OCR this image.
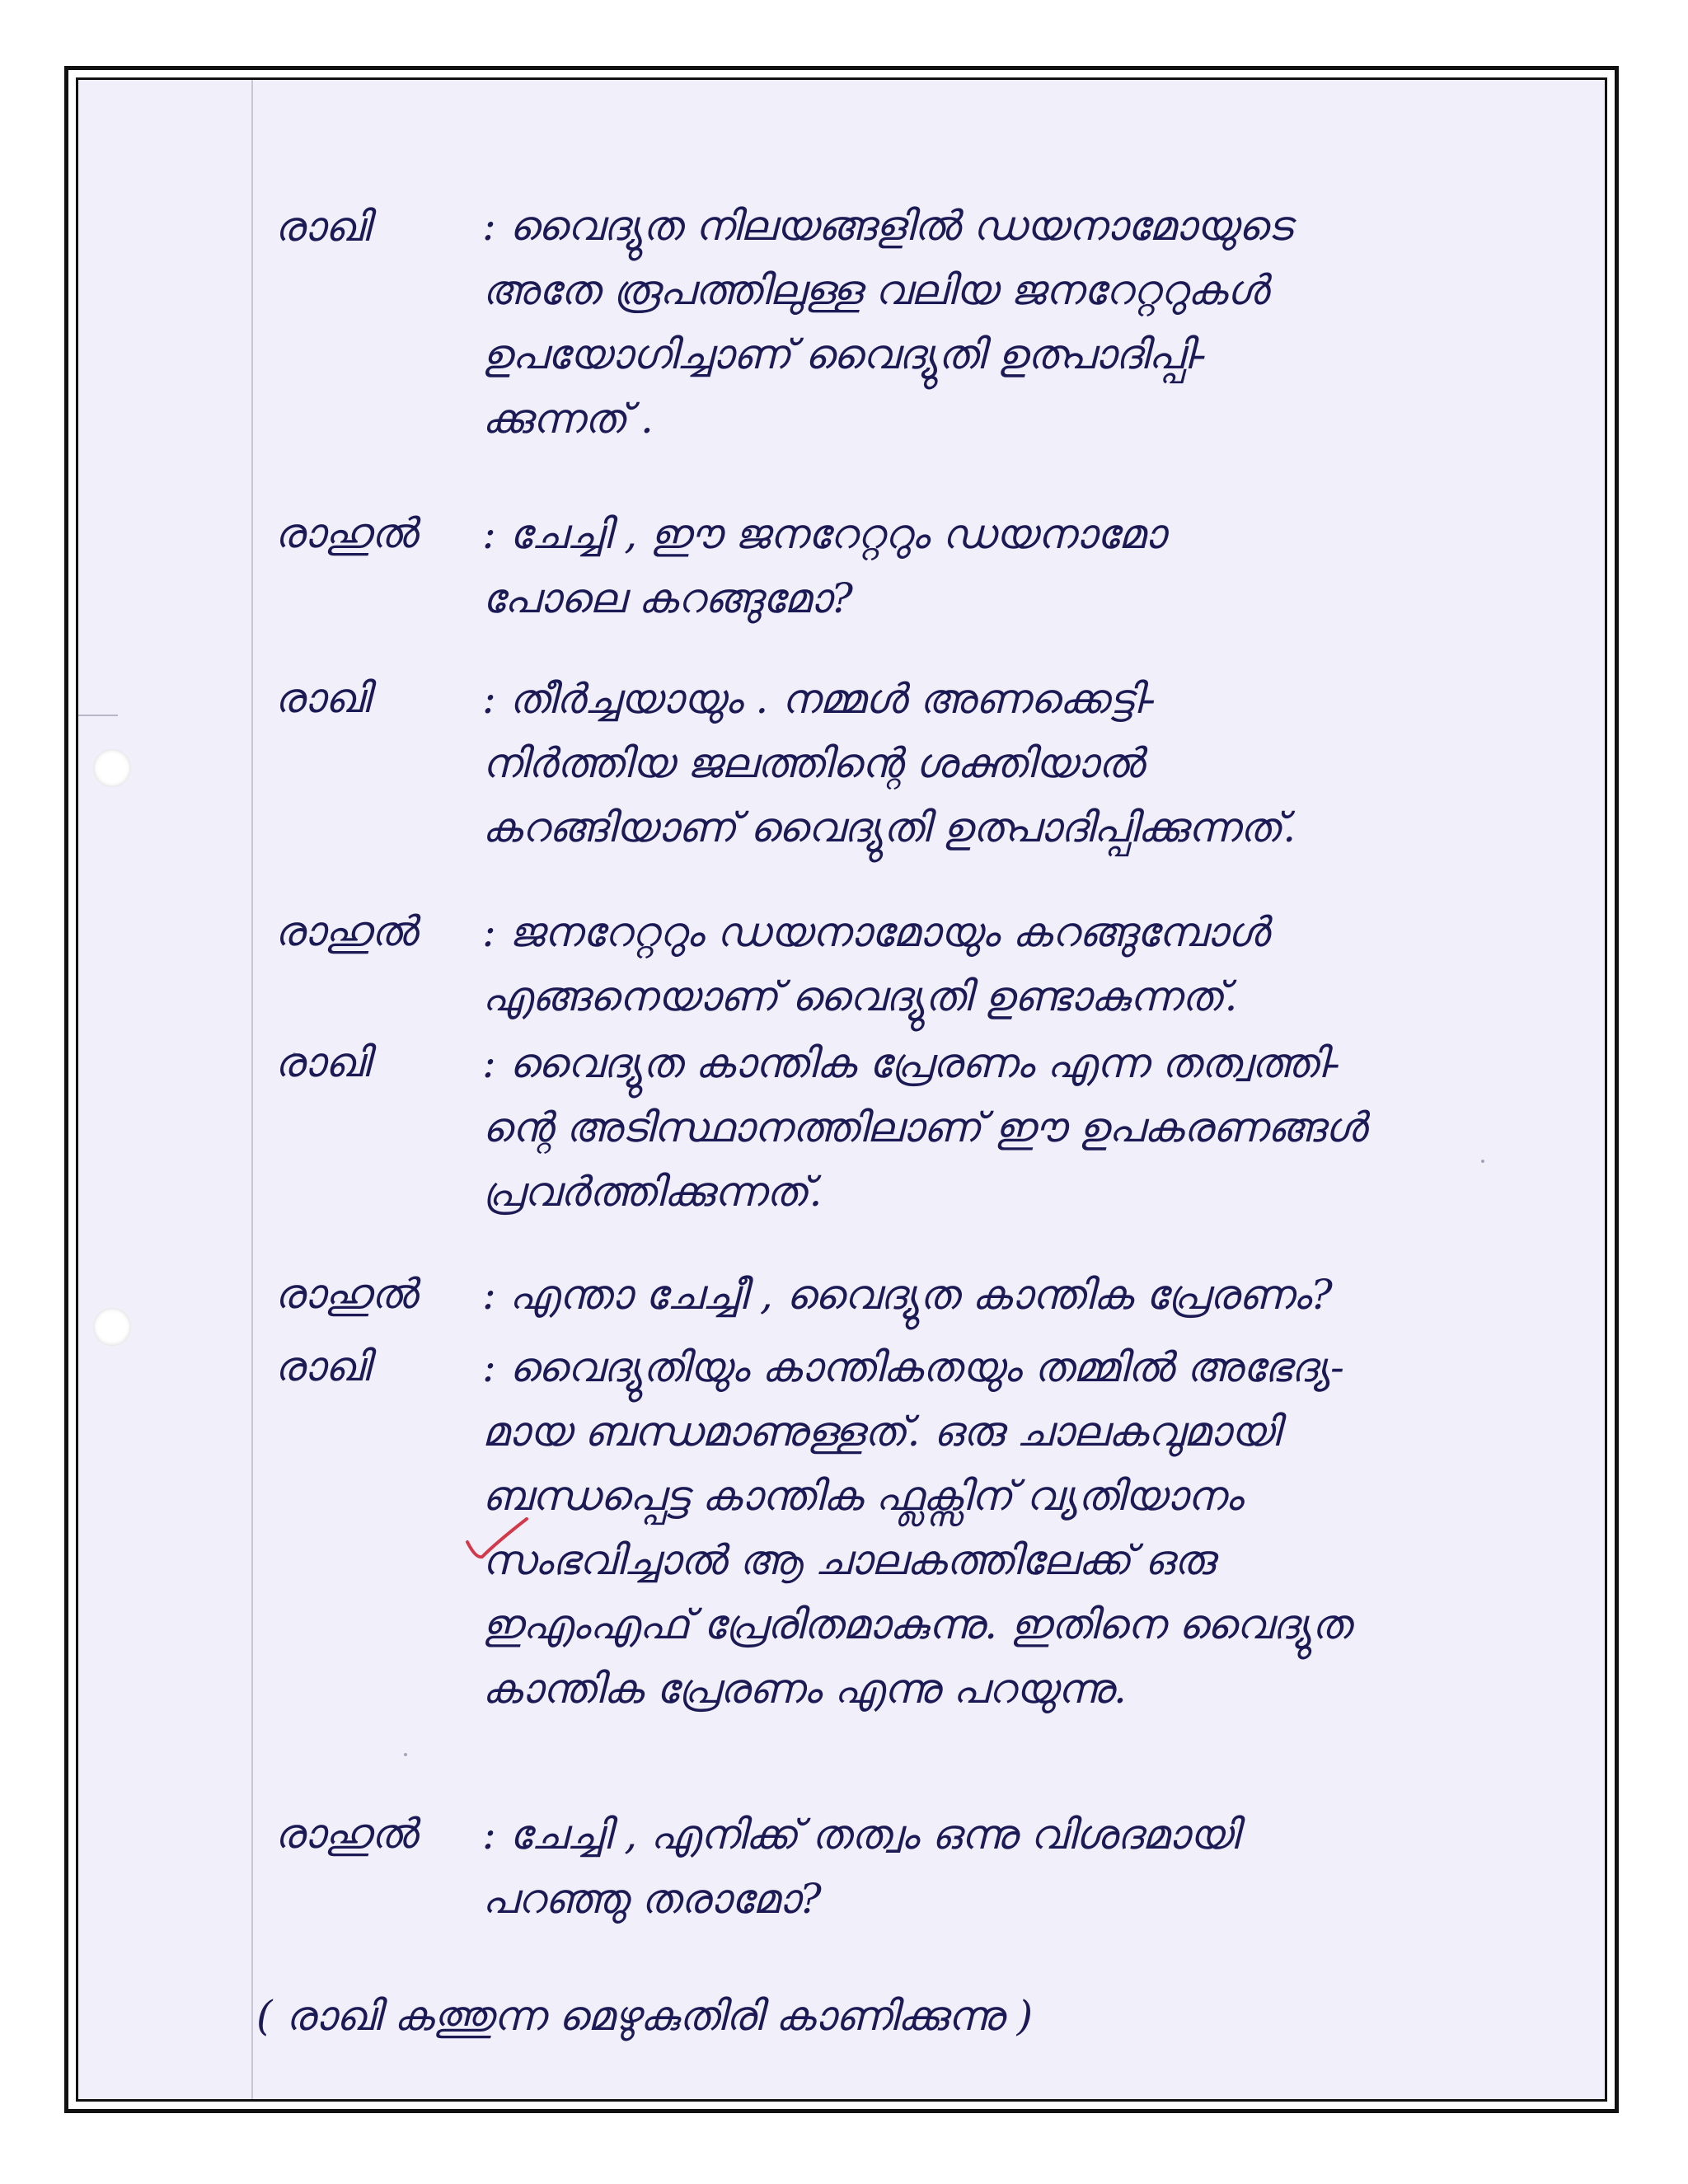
രാഖി	: വൈദ്യുത നിലയങ്ങളിൽ ഡയനാമോയുടെ
അതേ രൂപത്തിലുള്ള വലിയ ജനറേറ്ററുകൾ
ഉപയോഗിച്ചാണ് വൈദ്യുതി ഉത്പാദിപ്പി-
ക്കുന്നത് .
രാഹുൽ	: ചേച്ചി , ഈ ജനറേറ്ററും ഡയനാമോ
പോലെ കറങ്ങുമോ?
രാഖി	: തീർച്ചയായും . നമ്മൾ അണക്കെട്ടി-
നിർത്തിയ ജലത്തിന്റെ ശക്തിയാൽ
കറങ്ങിയാണ് വൈദ്യുതി ഉത്പാദിപ്പിക്കുന്നത്.
രാഹുൽ	: ജനറേറ്ററും ഡയനാമോയും കറങ്ങുമ്പോൾ
എങ്ങനെയാണ് വൈദ്യുതി ഉണ്ടാകുന്നത്.
രാഖി	: വൈദ്യുത കാന്തിക പ്രേരണം എന്ന തത്വത്തി-
ന്റെ അടിസ്ഥാനത്തിലാണ് ഈ ഉപകരണങ്ങൾ
പ്രവർത്തിക്കുന്നത്.
രാഹുൽ	: എന്താ ചേച്ചീ , വൈദ്യുത കാന്തിക പ്രേരണം?
രാഖി	: വൈദ്യുതിയും കാന്തികതയും തമ്മിൽ അഭേദ്യ-
മായ ബന്ധമാണുള്ളത്. ഒരു ചാലകവുമായി
ബന്ധപ്പെട്ട കാന്തിക ഫ്ലക്സിന് വ്യതിയാനം
സംഭവിച്ചാൽ ആ ചാലകത്തിലേക്ക് ഒരു
ഇഎംഎഫ് പ്രേരിതമാകുന്നു. ഇതിനെ വൈദ്യുത
കാന്തിക പ്രേരണം എന്നു പറയുന്നു.
രാഹുൽ	: ചേച്ചി , എനിക്ക് തത്വം ഒന്നു വിശദമായി
പറഞ്ഞു തരാമോ?
( രാഖി കത്തുന്ന മെഴുകുതിരി കാണിക്കുന്നു )
